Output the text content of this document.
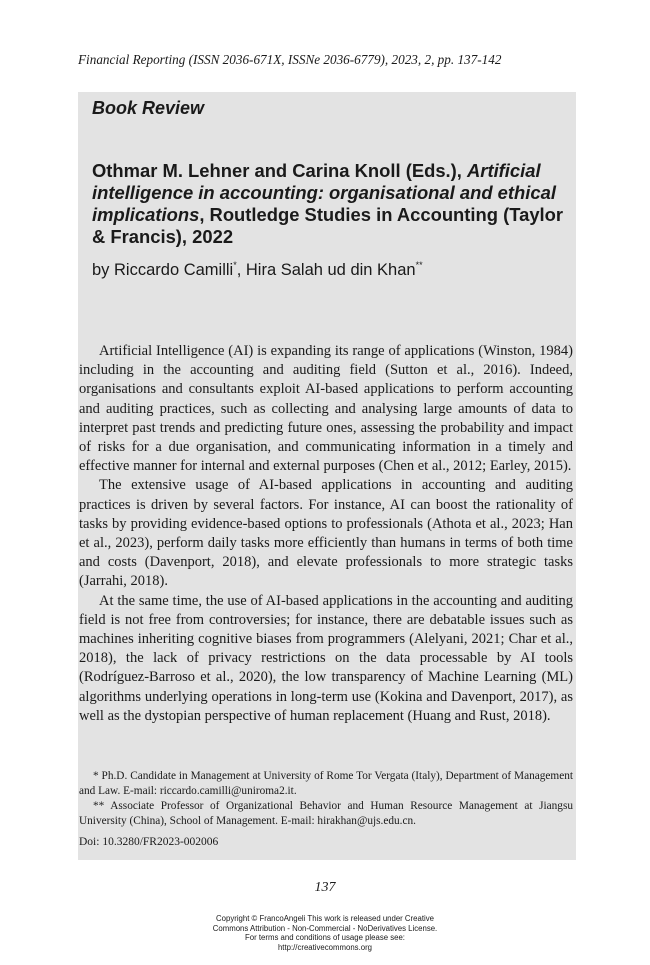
Financial Reporting (ISSN 2036-671X, ISSNe 2036-6779), 2023, 2, pp. 137-142
Book Review
Othmar M. Lehner and Carina Knoll (Eds.), Artificial intelligence in accounting: organisational and ethical implications, Routledge Studies in Accounting (Taylor & Francis), 2022
by Riccardo Camilli*, Hira Salah ud din Khan**

Artificial Intelligence (AI) is expanding its range of applications (Winston, 1984) including in the accounting and auditing field (Sutton et al., 2016). Indeed, organisations and consultants exploit AI-based applications to perform accounting and auditing practices, such as collecting and analysing large amounts of data to interpret past trends and predicting future ones, assessing the probability and impact of risks for a due organisation, and communicating information in a timely and effective manner for internal and external purposes (Chen et al., 2012; Earley, 2015).

The extensive usage of AI-based applications in accounting and auditing practices is driven by several factors. For instance, AI can boost the rationality of tasks by providing evidence-based options to professionals (Athota et al., 2023; Han et al., 2023), perform daily tasks more efficiently than humans in terms of both time and costs (Davenport, 2018), and elevate professionals to more strategic tasks (Jarrahi, 2018).

At the same time, the use of AI-based applications in the accounting and auditing field is not free from controversies; for instance, there are debatable issues such as machines inheriting cognitive biases from programmers (Alelyani, 2021; Char et al., 2018), the lack of privacy restrictions on the data processable by AI tools (Rodríguez-Barroso et al., 2020), the low transparency of Machine Learning (ML) algorithms underlying operations in long-term use (Kokina and Davenport, 2017), as well as the dystopian perspective of human replacement (Huang and Rust, 2018).

* Ph.D. Candidate in Management at University of Rome Tor Vergata (Italy), Department of Management and Law. E-mail: riccardo.camilli@uniroma2.it.

** Associate Professor of Organizational Behavior and Human Resource Management at Jiangsu University (China), School of Management. E-mail: hirakhan@ujs.edu.cn.

Doi: 10.3280/FR2023-002006
137
Copyright © FrancoAngeli This work is released under Creative
Commons Attribution - Non-Commercial - NoDerivatives License.
For terms and conditions of usage please see:
http://creativecommons.org
